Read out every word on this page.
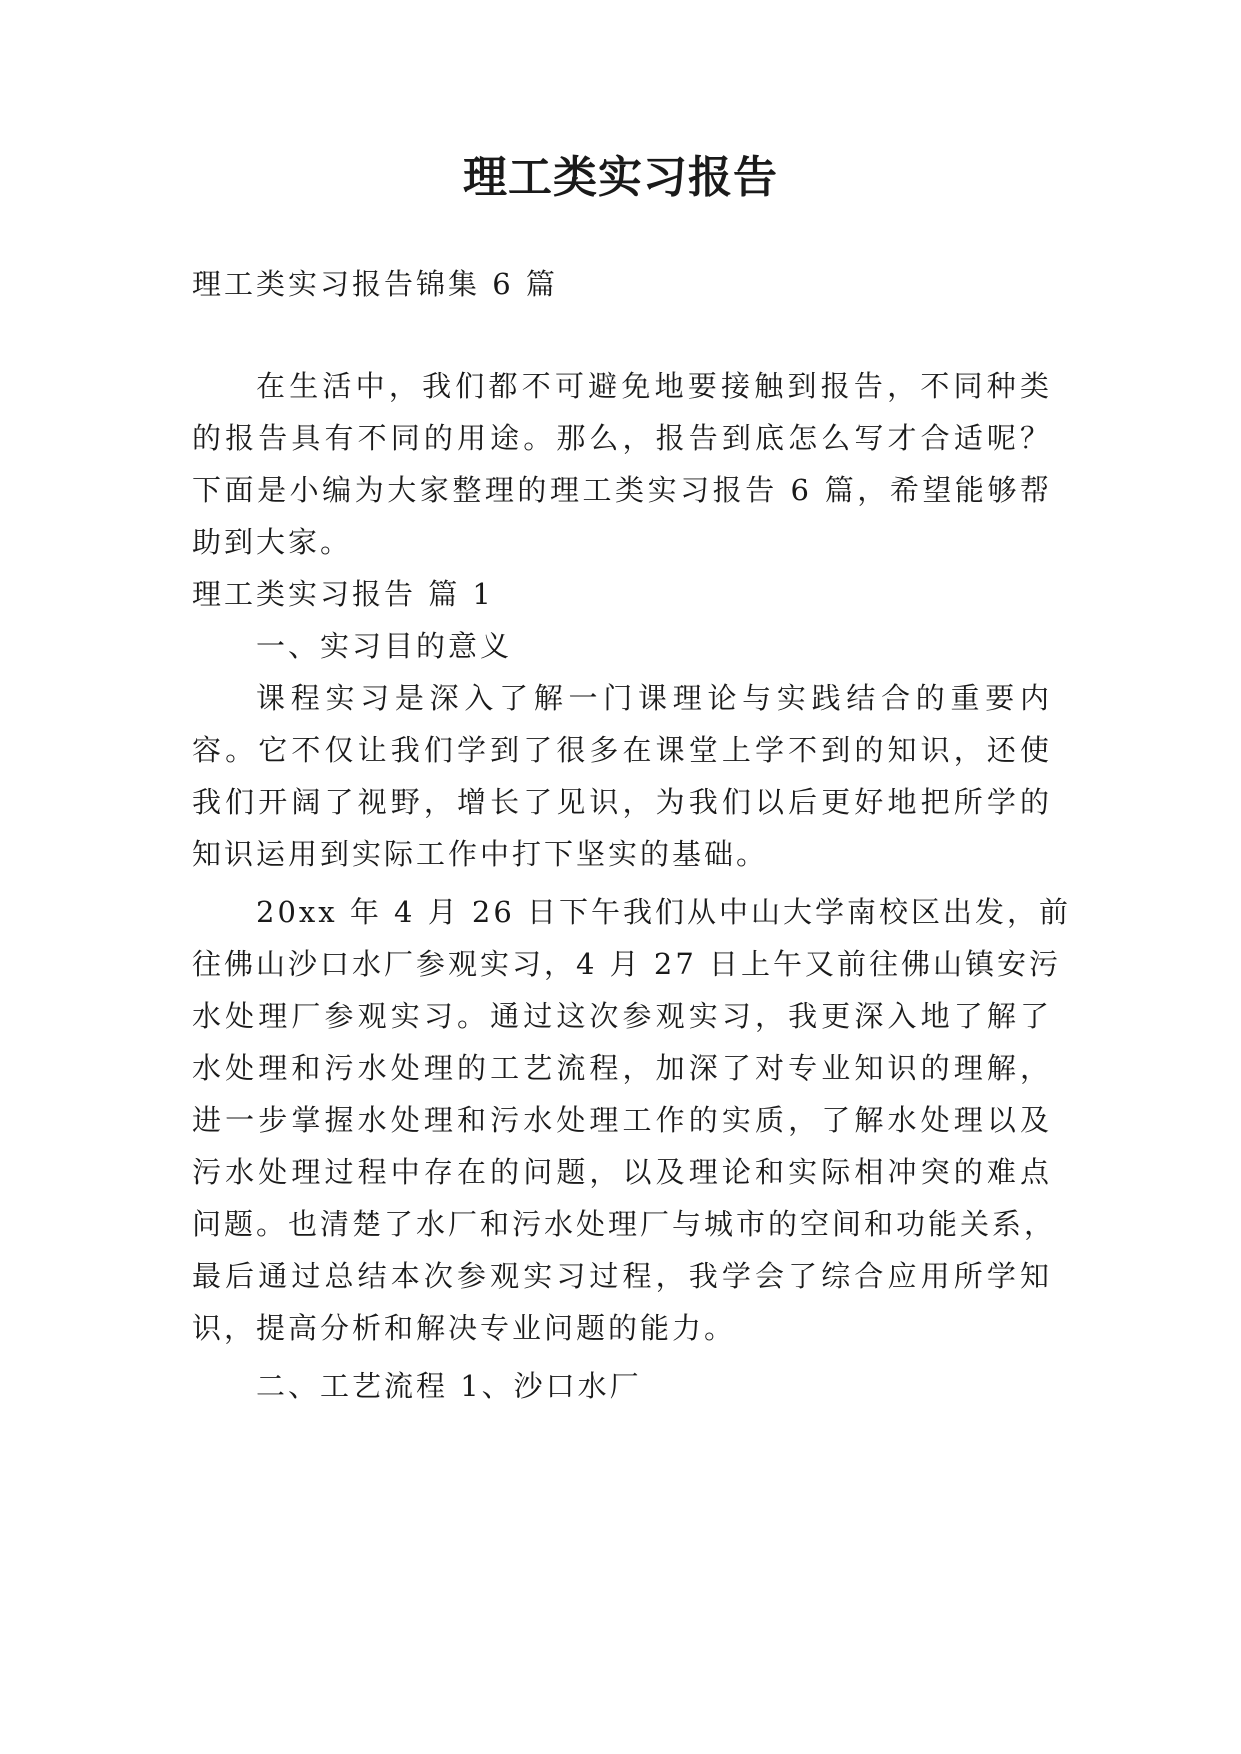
理工类实习报告

理工类实习报告锦集 6 篇

在生活中，我们都不可避免地要接触到报告，不同种类

的报告具有不同的用途。那么，报告到底怎么写才合适呢？

下面是小编为大家整理的理工类实习报告 6 篇，希望能够帮

助到大家。

理工类实习报告 篇 1

一、实习目的意义

课程实习是深入了解一门课理论与实践结合的重要内

容。它不仅让我们学到了很多在课堂上学不到的知识，还使

我们开阔了视野，增长了见识，为我们以后更好地把所学的

知识运用到实际工作中打下坚实的基础。

20xx 年 4 月 26 日下午我们从中山大学南校区出发，前

往佛山沙口水厂参观实习，4 月 27 日上午又前往佛山镇安污

水处理厂参观实习。通过这次参观实习，我更深入地了解了

水处理和污水处理的工艺流程，加深了对专业知识的理解，

进一步掌握水处理和污水处理工作的实质，了解水处理以及

污水处理过程中存在的问题，以及理论和实际相冲突的难点

问题。也清楚了水厂和污水处理厂与城市的空间和功能关系，

最后通过总结本次参观实习过程，我学会了综合应用所学知

识，提高分析和解决专业问题的能力。

二、工艺流程 1、沙口水厂
